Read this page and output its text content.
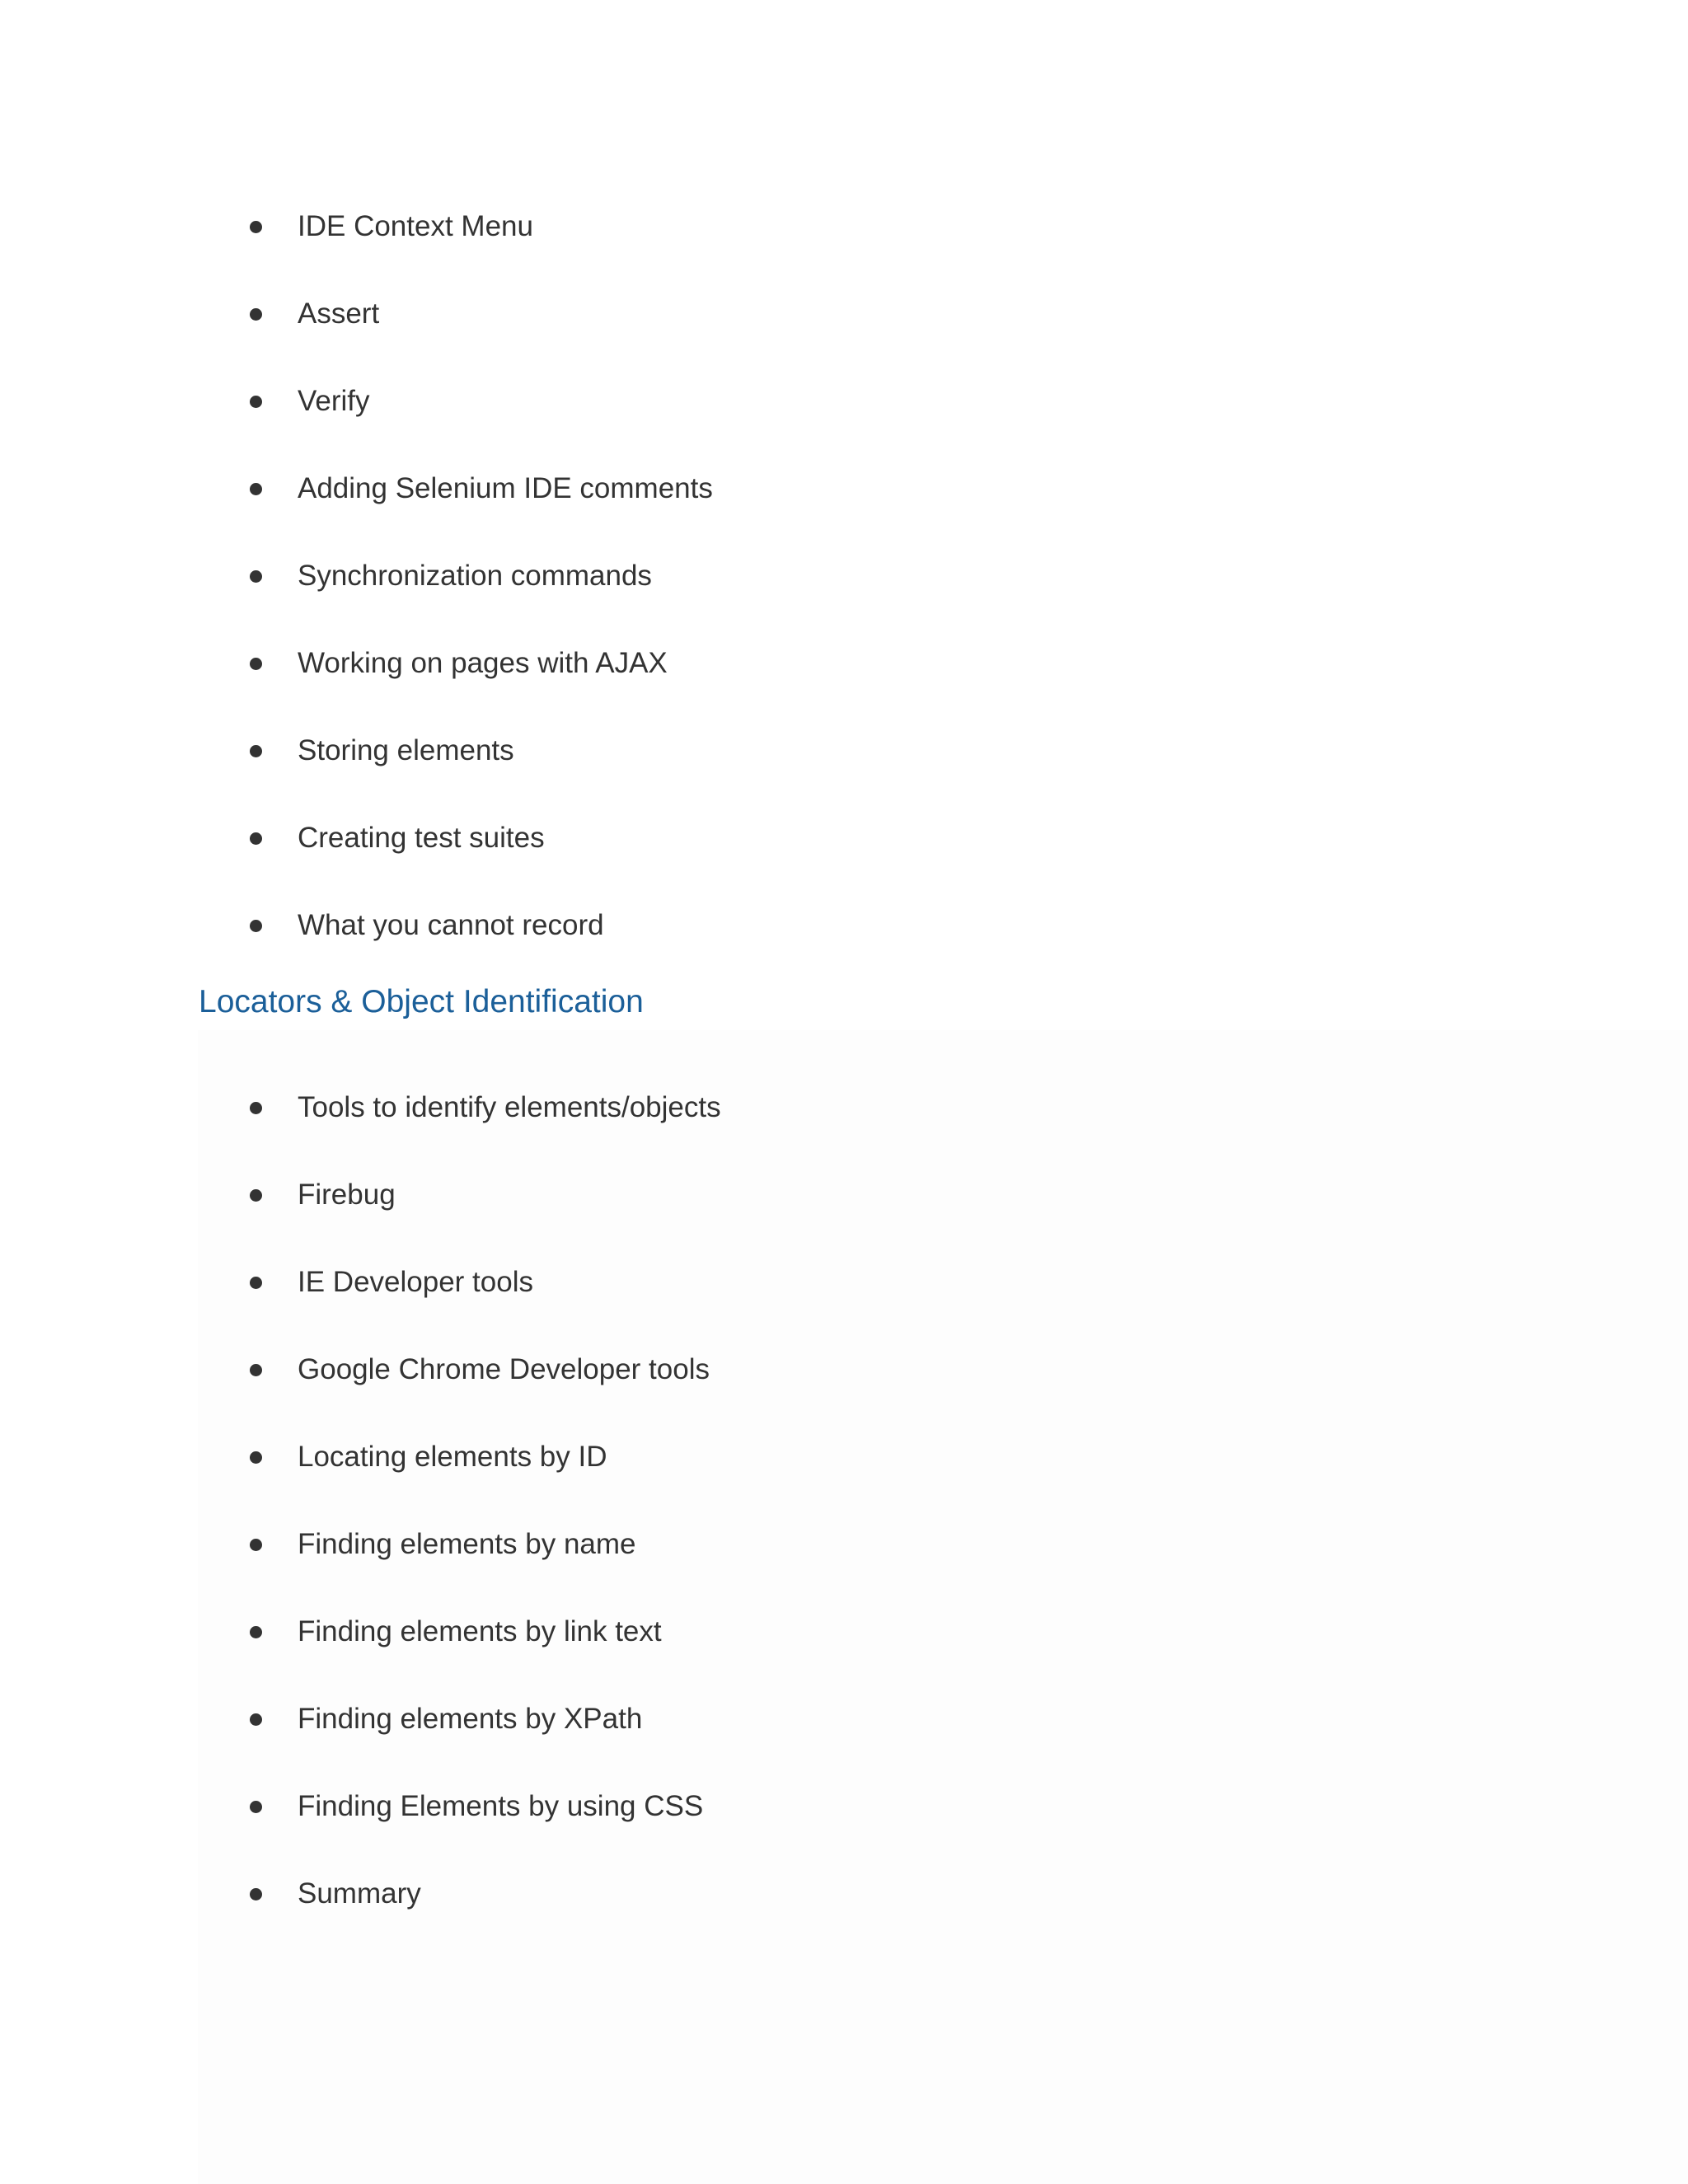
IDE Context Menu
Assert
Verify
Adding Selenium IDE comments
Synchronization commands
Working on pages with AJAX
Storing elements
Creating test suites
What you cannot record
Locators & Object Identification
Tools to identify elements/objects
Firebug
IE Developer tools
Google Chrome Developer tools
Locating elements by ID
Finding elements by name
Finding elements by link text
Finding elements by XPath
Finding Elements by using CSS
Summary
